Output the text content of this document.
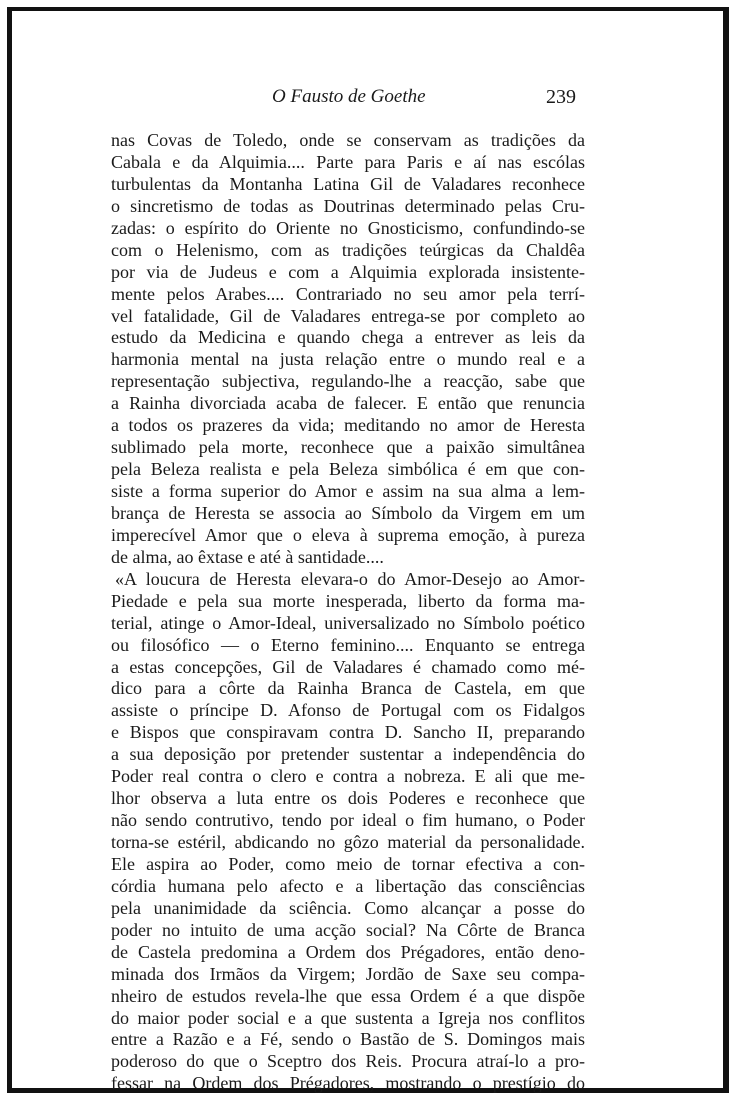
O Fausto de Goethe	239
nas Covas de Toledo, onde se conservam as tradições da
Cabala e da Alquimia.... Parte para Paris e aí nas escólas
turbulentas da Montanha Latina Gil de Valadares reconhece
o sincretismo de todas as Doutrinas determinado pelas Cru-
zadas: o espírito do Oriente no Gnosticismo, confundindo-se
com o Helenismo, com as tradições teúrgicas da Chaldêa
por via de Judeus e com a Alquimia explorada insistente-
mente pelos Arabes.... Contrariado no seu amor pela terrí-
vel fatalidade, Gil de Valadares entrega-se por completo ao
estudo da Medicina e quando chega a entrever as leis da
harmonia mental na justa relação entre o mundo real e a
representação subjectiva, regulando-lhe a reacção, sabe que
a Rainha divorciada acaba de falecer. E então que renuncia
a todos os prazeres da vida; meditando no amor de Heresta
sublimado pela morte, reconhece que a paixão simultânea
pela Beleza realista e pela Beleza simbólica é em que con-
siste a forma superior do Amor e assim na sua alma a lem-
brança de Heresta se associa ao Símbolo da Virgem em um
imperecível Amor que o eleva à suprema emoção, à pureza
de alma, ao êxtase e até à santidade....
«A loucura de Heresta elevara-o do Amor-Desejo ao Amor-
Piedade e pela sua morte inesperada, liberto da forma ma-
terial, atinge o Amor-Ideal, universalizado no Símbolo poético
ou filosófico — o Eterno feminino.... Enquanto se entrega
a estas concepções, Gil de Valadares é chamado como mé-
dico para a côrte da Rainha Branca de Castela, em que
assiste o príncipe D. Afonso de Portugal com os Fidalgos
e Bispos que conspiravam contra D. Sancho II, preparando
a sua deposição por pretender sustentar a independência do
Poder real contra o clero e contra a nobreza. E ali que me-
lhor observa a luta entre os dois Poderes e reconhece que
não sendo contrutivo, tendo por ideal o fim humano, o Poder
torna-se estéril, abdicando no gôzo material da personalidade.
Ele aspira ao Poder, como meio de tornar efectiva a con-
córdia humana pelo afecto e a libertação das consciências
pela unanimidade da sciência. Como alcançar a posse do
poder no intuito de uma acção social? Na Côrte de Branca
de Castela predomina a Ordem dos Prégadores, então deno-
minada dos Irmãos da Virgem; Jordão de Saxe seu compa-
nheiro de estudos revela-lhe que essa Ordem é a que dispõe
do maior poder social e a que sustenta a Igreja nos conflitos
entre a Razão e a Fé, sendo o Bastão de S. Domingos mais
poderoso do que o Sceptro dos Reis. Procura atraí-lo a pro-
fessar na Ordem dos Prégadores, mostrando o prestígio do
